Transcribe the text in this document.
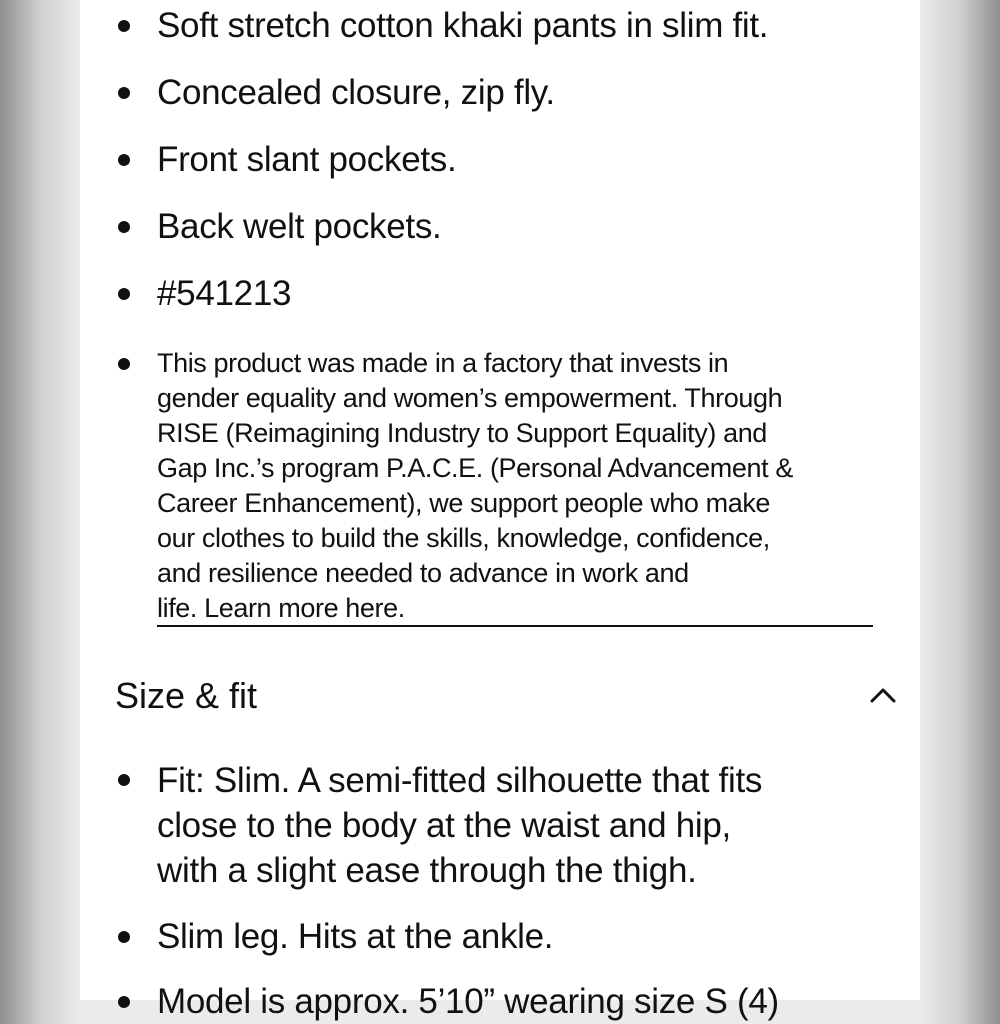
Soft stretch cotton khaki pants in slim fit.
Concealed closure, zip fly.
Front slant pockets.
Back welt pockets.
#541213
This product was made in a factory that invests in
gender equality and women’s empowerment. Through
RISE (Reimagining Industry to Support Equality) and
Gap Inc.’s program P.A.C.E. (Personal Advancement &
Career Enhancement), we support people who make
our clothes to build the skills, knowledge, confidence,
and resilience needed to advance in work and
life. Learn more here.
Size & fit
Slim leg. Hits at the ankle.
Model is approx. 5’10” wearing size S (4)
Fit: Slim. A semi-fitted silhouette that fits
close to the body at the waist and hip,
with a slight ease through the thigh.
